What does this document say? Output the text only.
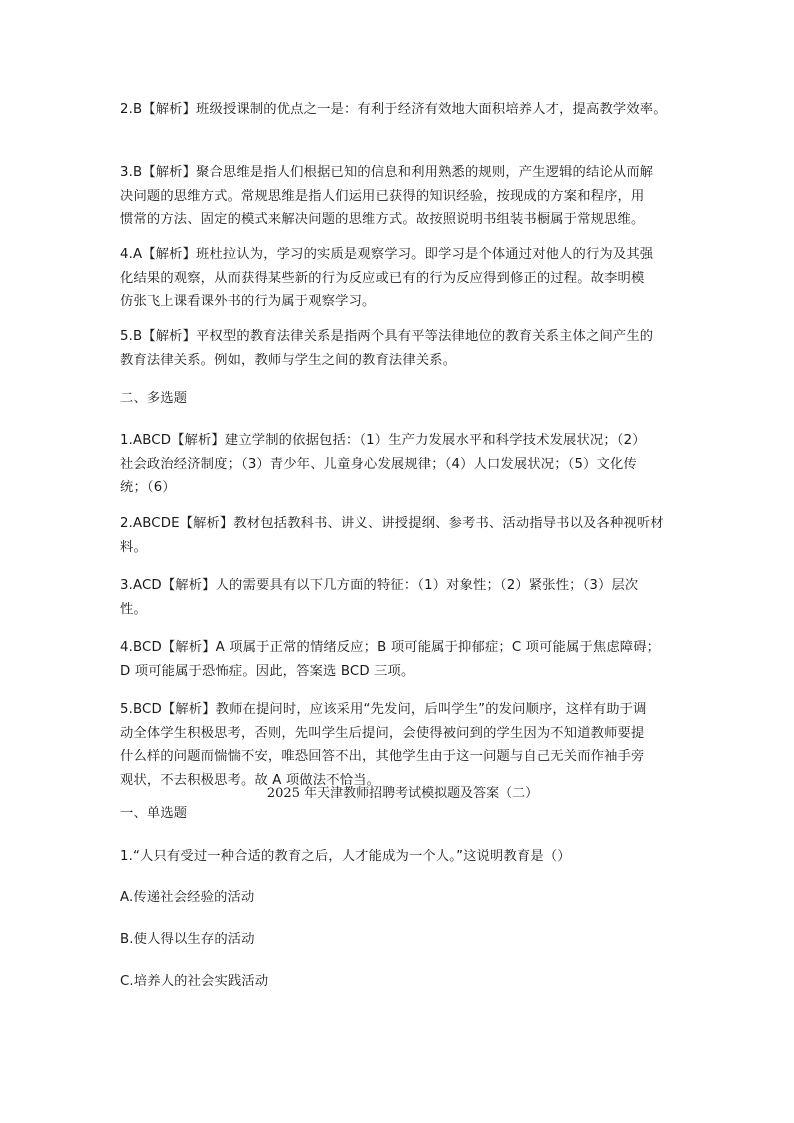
2.B【解析】班级授课制的优点之一是：有利于经济有效地大面积培养人才，提高教学效率。

3.B【解析】聚合思维是指人们根据已知的信息和利用熟悉的规则，产生逻辑的结论从而解
决问题的思维方式。常规思维是指人们运用已获得的知识经验，按现成的方案和程序，用
惯常的方法、固定的模式来解决问题的思维方式。故按照说明书组装书橱属于常规思维。

4.A【解析】班杜拉认为，学习的实质是观察学习。即学习是个体通过对他人的行为及其强
化结果的观察，从而获得某些新的行为反应或已有的行为反应得到修正的过程。故李明模
仿张飞上课看课外书的行为属于观察学习。

5.B【解析】平权型的教育法律关系是指两个具有平等法律地位的教育关系主体之间产生的
教育法律关系。例如，教师与学生之间的教育法律关系。

二、多选题

1.ABCD【解析】建立学制的依据包括：（1）生产力发展水平和科学技术发展状况；（2）
社会政治经济制度；（3）青少年、儿童身心发展规律；（4）人口发展状况；（5）文化传
统；（6）

2.ABCDE【解析】教材包括教科书、讲义、讲授提纲、参考书、活动指导书以及各种视听材
料。

3.ACD【解析】人的需要具有以下几方面的特征：（1）对象性；（2）紧张性；（3）层次
性。

4.BCD【解析】A 项属于正常的情绪反应；B 项可能属于抑郁症；C 项可能属于焦虑障碍；
D 项可能属于恐怖症。因此，答案选 BCD 三项。

5.BCD【解析】教师在提问时，应该采用“先发问，后叫学生”的发问顺序，这样有助于调
动全体学生积极思考，否则，先叫学生后提问，会使得被问到的学生因为不知道教师要提
什么样的问题而惴惴不安，唯恐回答不出，其他学生由于这一问题与自己无关而作袖手旁
观状，不去积极思考。故 A 项做法不恰当。

2025 年天津教师招聘考试模拟题及答案（二）

一、单选题

1.“人只有受过一种合适的教育之后，人才能成为一个人。”这说明教育是（）

A.传递社会经验的活动

B.使人得以生存的活动

C.培养人的社会实践活动
